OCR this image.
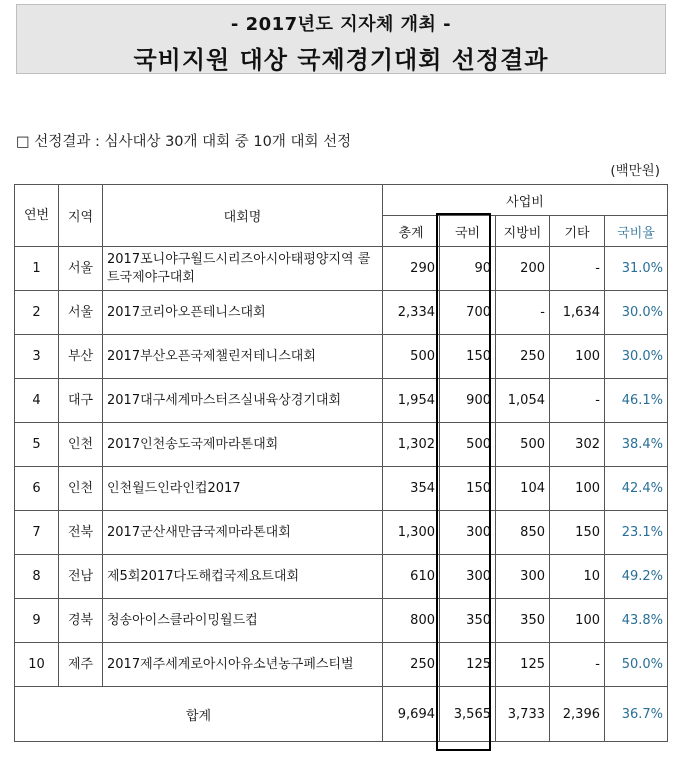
- 2017년도 지자체 개최 -
국비지원 대상 국제경기대회 선정결과
□ 선정결과 : 심사대상 30개 대회 중 10개 대회 선정
(백만원)
연번	지역	대회명	사업비				
			총계	국비	지방비	기타	국비율
1	서울	2017포니야구월드시리즈아시아태평양지역 콜트국제야구대회	290	90	200	-	31.0%
2	서울	2017코리아오픈테니스대회	2,334	700	-	1,634	30.0%
3	부산	2017부산오픈국제챌린저테니스대회	500	150	250	100	30.0%
4	대구	2017대구세계마스터즈실내육상경기대회	1,954	900	1,054	-	46.1%
5	인천	2017인천송도국제마라톤대회	1,302	500	500	302	38.4%
6	인천	인천월드인라인컵2017	354	150	104	100	42.4%
7	전북	2017군산새만금국제마라톤대회	1,300	300	850	150	23.1%
8	전남	제5회2017다도해컵국제요트대회	610	300	300	10	49.2%
9	경북	청송아이스클라이밍월드컵	800	350	350	100	43.8%
10	제주	2017제주세계로아시아유소년농구페스티벌	250	125	125	-	50.0%
합계			9,694	3,565	3,733	2,396	36.7%
